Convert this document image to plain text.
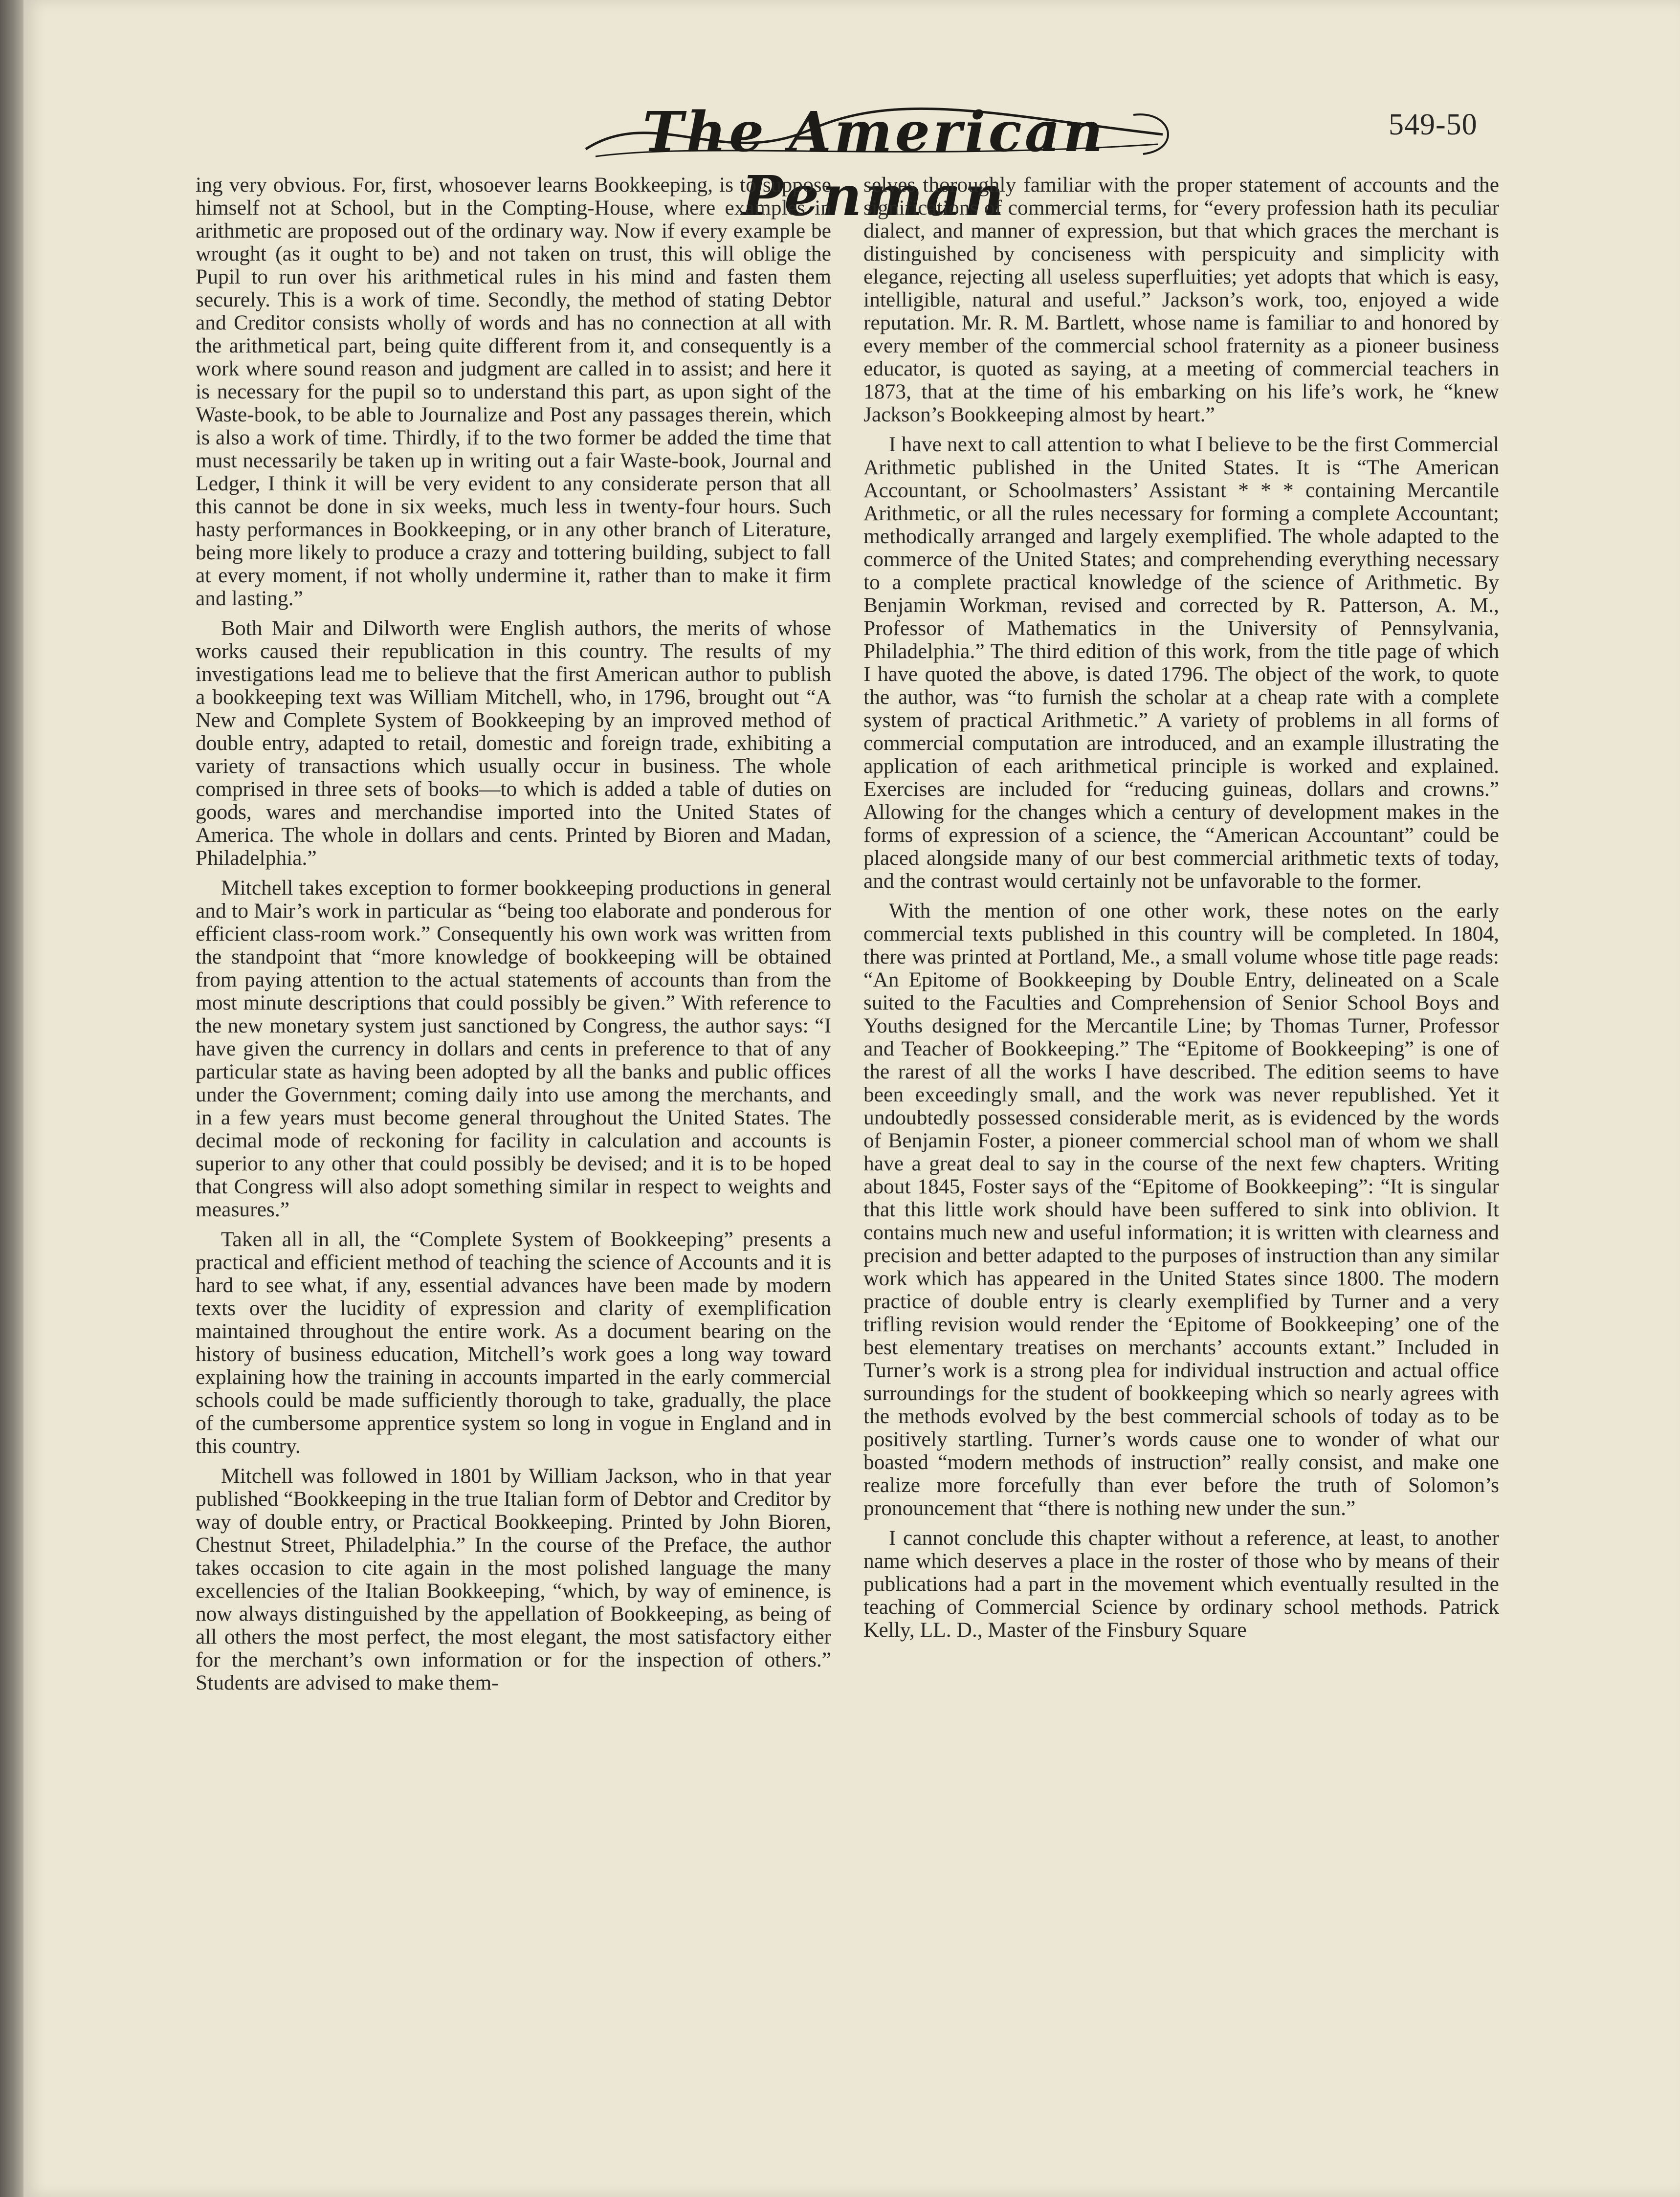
The American Penman
549-50

ing very obvious. For, first, whosoever learns Bookkeeping, is to suppose himself not at School, but in the Compting-House, where examples in arithmetic are proposed out of the ordinary way. Now if every example be wrought (as it ought to be) and not taken on trust, this will oblige the Pupil to run over his arithmetical rules in his mind and fasten them securely. This is a work of time. Secondly, the method of stating Debtor and Creditor consists wholly of words and has no connection at all with the arithmetical part, being quite different from it, and consequently is a work where sound reason and judgment are called in to assist; and here it is necessary for the pupil so to understand this part, as upon sight of the Waste-book, to be able to Journalize and Post any passages therein, which is also a work of time. Thirdly, if to the two former be added the time that must necessarily be taken up in writing out a fair Waste-book, Journal and Ledger, I think it will be very evident to any considerate person that all this cannot be done in six weeks, much less in twenty-four hours. Such hasty performances in Bookkeeping, or in any other branch of Literature, being more likely to produce a crazy and tottering building, subject to fall at every moment, if not wholly undermine it, rather than to make it firm and lasting.”

Both Mair and Dilworth were English authors, the merits of whose works caused their republication in this country. The results of my investigations lead me to believe that the first American author to publish a bookkeeping text was William Mitchell, who, in 1796, brought out “A New and Complete System of Bookkeeping by an improved method of double entry, adapted to retail, domestic and foreign trade, exhibiting a variety of transactions which usually occur in business. The whole comprised in three sets of books—to which is added a table of duties on goods, wares and merchandise imported into the United States of America. The whole in dollars and cents. Printed by Bioren and Madan, Philadelphia.”

Mitchell takes exception to former bookkeeping productions in general and to Mair’s work in particular as “being too elaborate and ponderous for efficient class-room work.” Consequently his own work was written from the standpoint that “more knowledge of bookkeeping will be obtained from paying attention to the actual statements of accounts than from the most minute descriptions that could possibly be given.” With reference to the new monetary system just sanctioned by Congress, the author says: “I have given the currency in dollars and cents in preference to that of any particular state as having been adopted by all the banks and public offices under the Government; coming daily into use among the merchants, and in a few years must become general throughout the United States. The decimal mode of reckoning for facility in calculation and accounts is superior to any other that could possibly be devised; and it is to be hoped that Congress will also adopt something similar in respect to weights and measures.”

Taken all in all, the “Complete System of Bookkeeping” presents a practical and efficient method of teaching the science of Accounts and it is hard to see what, if any, essential advances have been made by modern texts over the lucidity of expression and clarity of exemplification maintained throughout the entire work. As a document bearing on the history of business education, Mitchell’s work goes a long way toward explaining how the training in accounts imparted in the early commercial schools could be made sufficiently thorough to take, gradually, the place of the cumbersome apprentice system so long in vogue in England and in this country.

Mitchell was followed in 1801 by William Jackson, who in that year published “Bookkeeping in the true Italian form of Debtor and Creditor by way of double entry, or Practical Bookkeeping. Printed by John Bioren, Chestnut Street, Philadelphia.” In the course of the Preface, the author takes occasion to cite again in the most polished language the many excellencies of the Italian Bookkeeping, “which, by way of eminence, is now always distinguished by the appellation of Bookkeeping, as being of all others the most perfect, the most elegant, the most satisfactory either for the merchant’s own information or for the inspection of others.” Students are advised to make them-

selves thoroughly familiar with the proper statement of accounts and the significations of commercial terms, for “every profession hath its peculiar dialect, and manner of expression, but that which graces the merchant is distinguished by conciseness with perspicuity and simplicity with elegance, rejecting all useless superfluities; yet adopts that which is easy, intelligible, natural and useful.” Jackson’s work, too, enjoyed a wide reputation. Mr. R. M. Bartlett, whose name is familiar to and honored by every member of the commercial school fraternity as a pioneer business educator, is quoted as saying, at a meeting of commercial teachers in 1873, that at the time of his embarking on his life’s work, he “knew Jackson’s Bookkeeping almost by heart.”

I have next to call attention to what I believe to be the first Commercial Arithmetic published in the United States. It is “The American Accountant, or Schoolmasters’ Assistant * * * containing Mercantile Arithmetic, or all the rules necessary for forming a complete Accountant; methodically arranged and largely exemplified. The whole adapted to the commerce of the United States; and comprehending everything necessary to a complete practical knowledge of the science of Arithmetic. By Benjamin Workman, revised and corrected by R. Patterson, A. M., Professor of Mathematics in the University of Pennsylvania, Philadelphia.” The third edition of this work, from the title page of which I have quoted the above, is dated 1796. The object of the work, to quote the author, was “to furnish the scholar at a cheap rate with a complete system of practical Arithmetic.” A variety of problems in all forms of commercial computation are introduced, and an example illustrating the application of each arithmetical principle is worked and explained. Exercises are included for “reducing guineas, dollars and crowns.” Allowing for the changes which a century of development makes in the forms of expression of a science, the “American Accountant” could be placed alongside many of our best commercial arithmetic texts of today, and the contrast would certainly not be unfavorable to the former.

With the mention of one other work, these notes on the early commercial texts published in this country will be completed. In 1804, there was printed at Portland, Me., a small volume whose title page reads: “An Epitome of Bookkeeping by Double Entry, delineated on a Scale suited to the Faculties and Comprehension of Senior School Boys and Youths designed for the Mercantile Line; by Thomas Turner, Professor and Teacher of Bookkeeping.” The “Epitome of Bookkeeping” is one of the rarest of all the works I have described. The edition seems to have been exceedingly small, and the work was never republished. Yet it undoubtedly possessed considerable merit, as is evidenced by the words of Benjamin Foster, a pioneer commercial school man of whom we shall have a great deal to say in the course of the next few chapters. Writing about 1845, Foster says of the “Epitome of Bookkeeping”: “It is singular that this little work should have been suffered to sink into oblivion. It contains much new and useful information; it is written with clearness and precision and better adapted to the purposes of instruction than any similar work which has appeared in the United States since 1800. The modern practice of double entry is clearly exemplified by Turner and a very trifling revision would render the ‘Epitome of Bookkeeping’ one of the best elementary treatises on merchants’ accounts extant.” Included in Turner’s work is a strong plea for individual instruction and actual office surroundings for the student of bookkeeping which so nearly agrees with the methods evolved by the best commercial schools of today as to be positively startling. Turner’s words cause one to wonder of what our boasted “modern methods of instruction” really consist, and make one realize more forcefully than ever before the truth of Solomon’s pronouncement that “there is nothing new under the sun.”

I cannot conclude this chapter without a reference, at least, to another name which deserves a place in the roster of those who by means of their publications had a part in the movement which eventually resulted in the teaching of Commercial Science by ordinary school methods. Patrick Kelly, LL. D., Master of the Finsbury Square
